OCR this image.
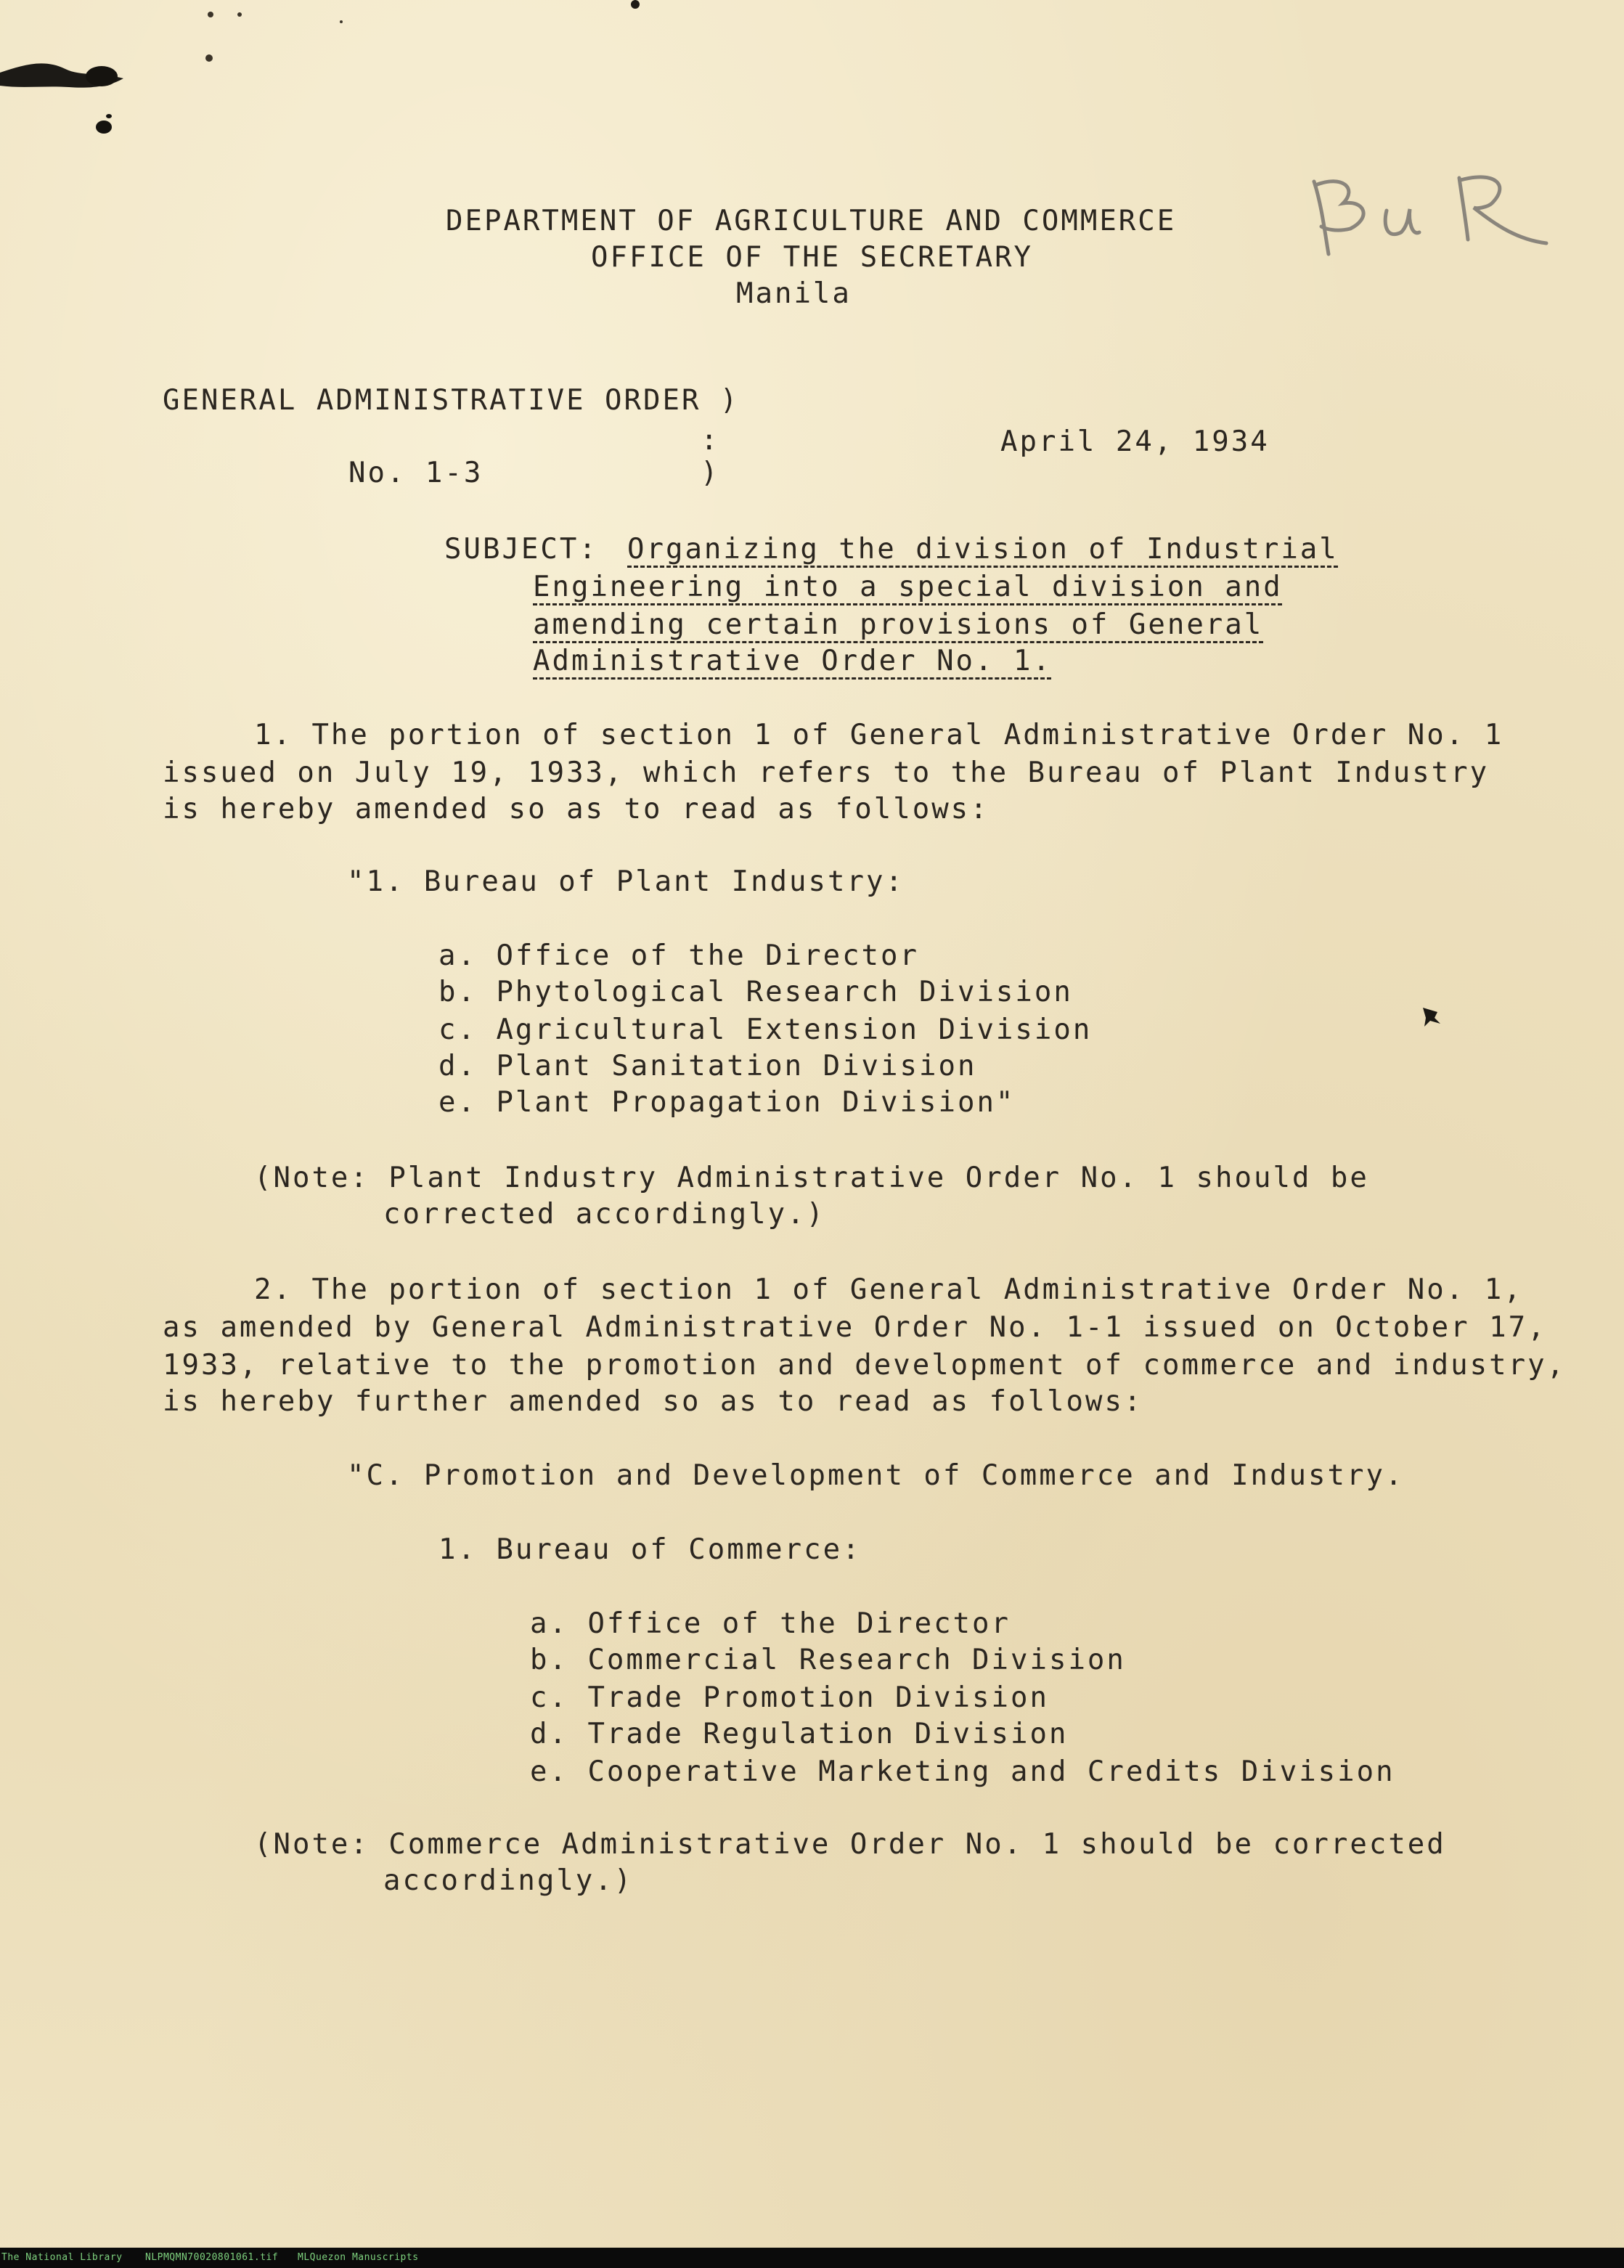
DEPARTMENT OF AGRICULTURE AND COMMERCE
OFFICE OF THE SECRETARY
Manila
GENERAL ADMINISTRATIVE ORDER )
:
No. 1-3	)
April 24, 1934
SUBJECT: Organizing the division of Industrial
Engineering into a special division and
amending certain provisions of General
Administrative Order No. 1.
1. The portion of section 1 of General Administrative Order No. 1
issued on July 19, 1933, which refers to the Bureau of Plant Industry
is hereby amended so as to read as follows:
"1. Bureau of Plant Industry:
a. Office of the Director
b. Phytological Research Division
c. Agricultural Extension Division
d. Plant Sanitation Division
e. Plant Propagation Division"
(Note: Plant Industry Administrative Order No. 1 should be
corrected accordingly.)
2. The portion of section 1 of General Administrative Order No. 1,
as amended by General Administrative Order No. 1-1 issued on October 17,
1933, relative to the promotion and development of commerce and industry,
is hereby further amended so as to read as follows:
"C. Promotion and Development of Commerce and Industry.
1. Bureau of Commerce:
a. Office of the Director
b. Commercial Research Division
c. Trade Promotion Division
d. Trade Regulation Division
e. Cooperative Marketing and Credits Division
(Note: Commerce Administrative Order No. 1 should be corrected
accordingly.)
The National Library NLPMQMN70020801061.tif MLQuezon Manuscripts
